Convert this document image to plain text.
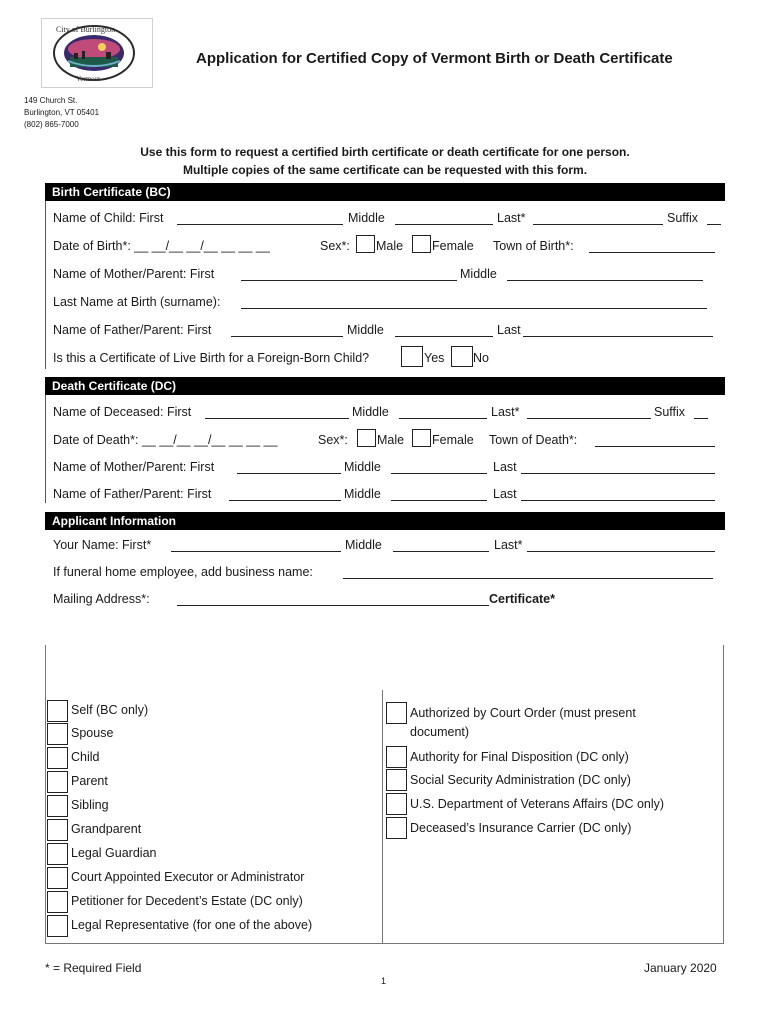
City of Burlington
Vermont
Application for Certified Copy of Vermont Birth or Death Certificate
149 Church St.
Burlington, VT 05401
(802) 865-7000
Use this form to request a certified birth certificate or death certificate for one person.
Multiple copies of the same certificate can be requested with this form.
Birth Certificate (BC)
Name of Child: First	Middle	Last*	Suffix
Date of Birth*: __ __/__ __/__ __ __ __	Sex*: Male Female Town of Birth*:
Name of Mother/Parent: First	Middle
Last Name at Birth (surname):
Name of Father/Parent: First	Middle	Last
Is this a Certificate of Live Birth for a Foreign-Born Child?	Yes No
Death Certificate (DC)
Name of Deceased: First	Middle	Last*	Suffix
Date of Death*: __ __/__ __/__ __ __ __	Sex*: Male Female Town of Death*:
Name of Mother/Parent: First	Middle	Last
Name of Father/Parent: First	Middle	Last
Applicant Information
Your Name: First*	Middle	Last*
If funeral home employee, add business name:
Mailing Address*:	Certificate*
Self (BC only)
Spouse
Child
Parent
Sibling
Grandparent
Legal Guardian
Court Appointed Executor or Administrator
Petitioner for Decedent’s Estate (DC only)
Legal Representative (for one of the above)
Authorized by Court Order (must present
document)
Authority for Final Disposition (DC only)
Social Security Administration (DC only)
U.S. Department of Veterans Affairs (DC only)
Deceased’s Insurance Carrier (DC only)
* = Required Field	January 2020
1
